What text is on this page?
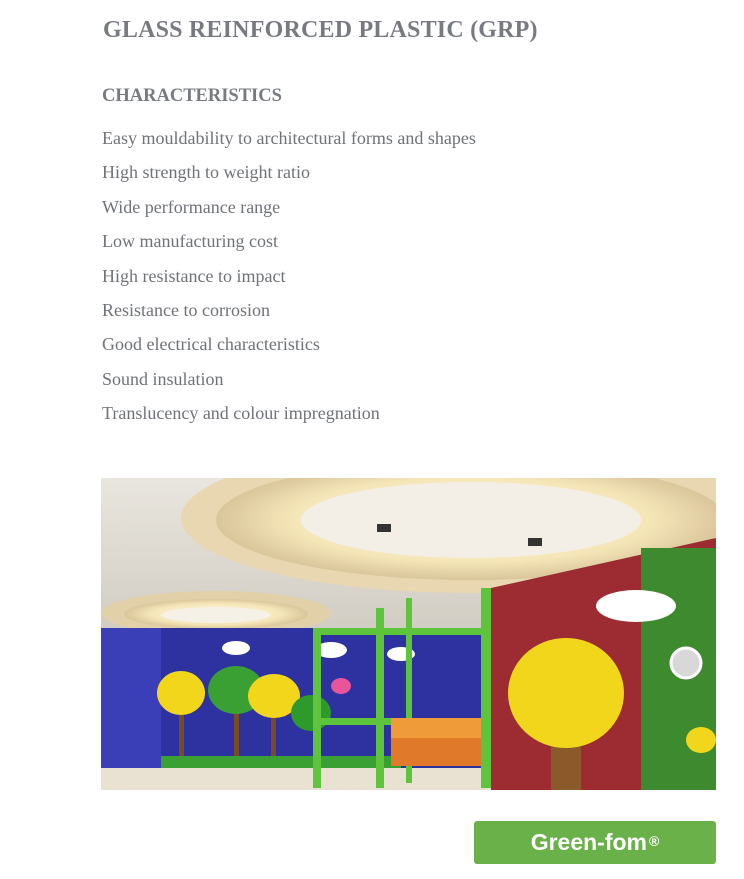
GLASS REINFORCED PLASTIC (GRP)
CHARACTERISTICS
Easy mouldability to architectural forms and shapes
High strength to weight ratio
Wide performance range
Low manufacturing cost
High resistance to impact
Resistance to corrosion
Good electrical characteristics
Sound insulation
Translucency and colour impregnation
Green-fom®
